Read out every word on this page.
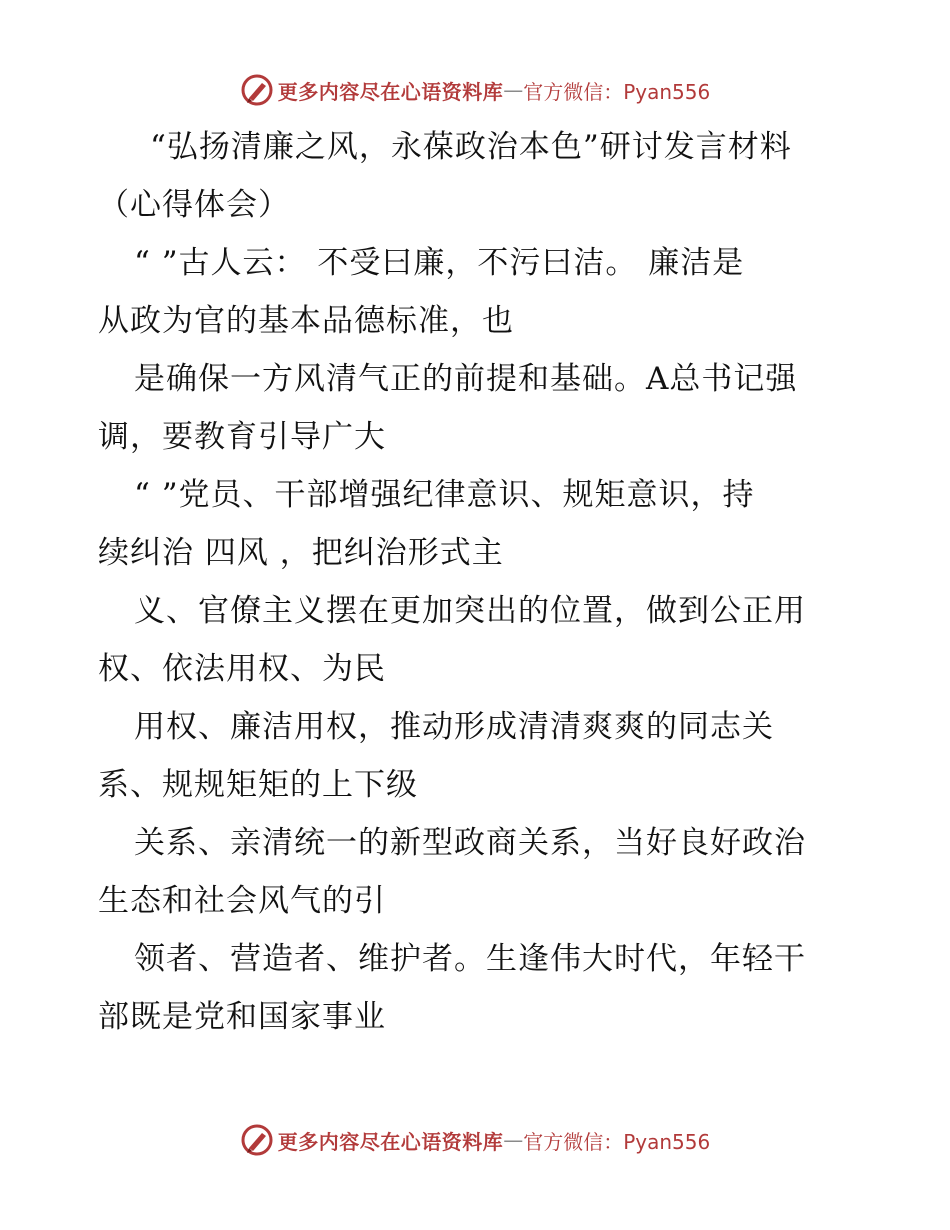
更多内容尽在心语资料库 — 官方微信：Pyan556
“弘扬清廉之风，永葆政治本色”研讨发言材料
（心得体会）
“ ”古人云： 不受曰廉，不污曰洁。 廉洁是
从政为官的基本品德标准，也
是确保一方风清气正的前提和基础。A总书记强
调，要教育引导广大
“ ”党员、干部增强纪律意识、规矩意识，持
续纠治 四风 ，把纠治形式主
义、官僚主义摆在更加突出的位置，做到公正用
权、依法用权、为民
用权、廉洁用权，推动形成清清爽爽的同志关
系、规规矩矩的上下级
关系、亲清统一的新型政商关系，当好良好政治
生态和社会风气的引
领者、营造者、维护者。生逢伟大时代，年轻干
部既是党和国家事业
更多内容尽在心语资料库 — 官方微信：Pyan556
